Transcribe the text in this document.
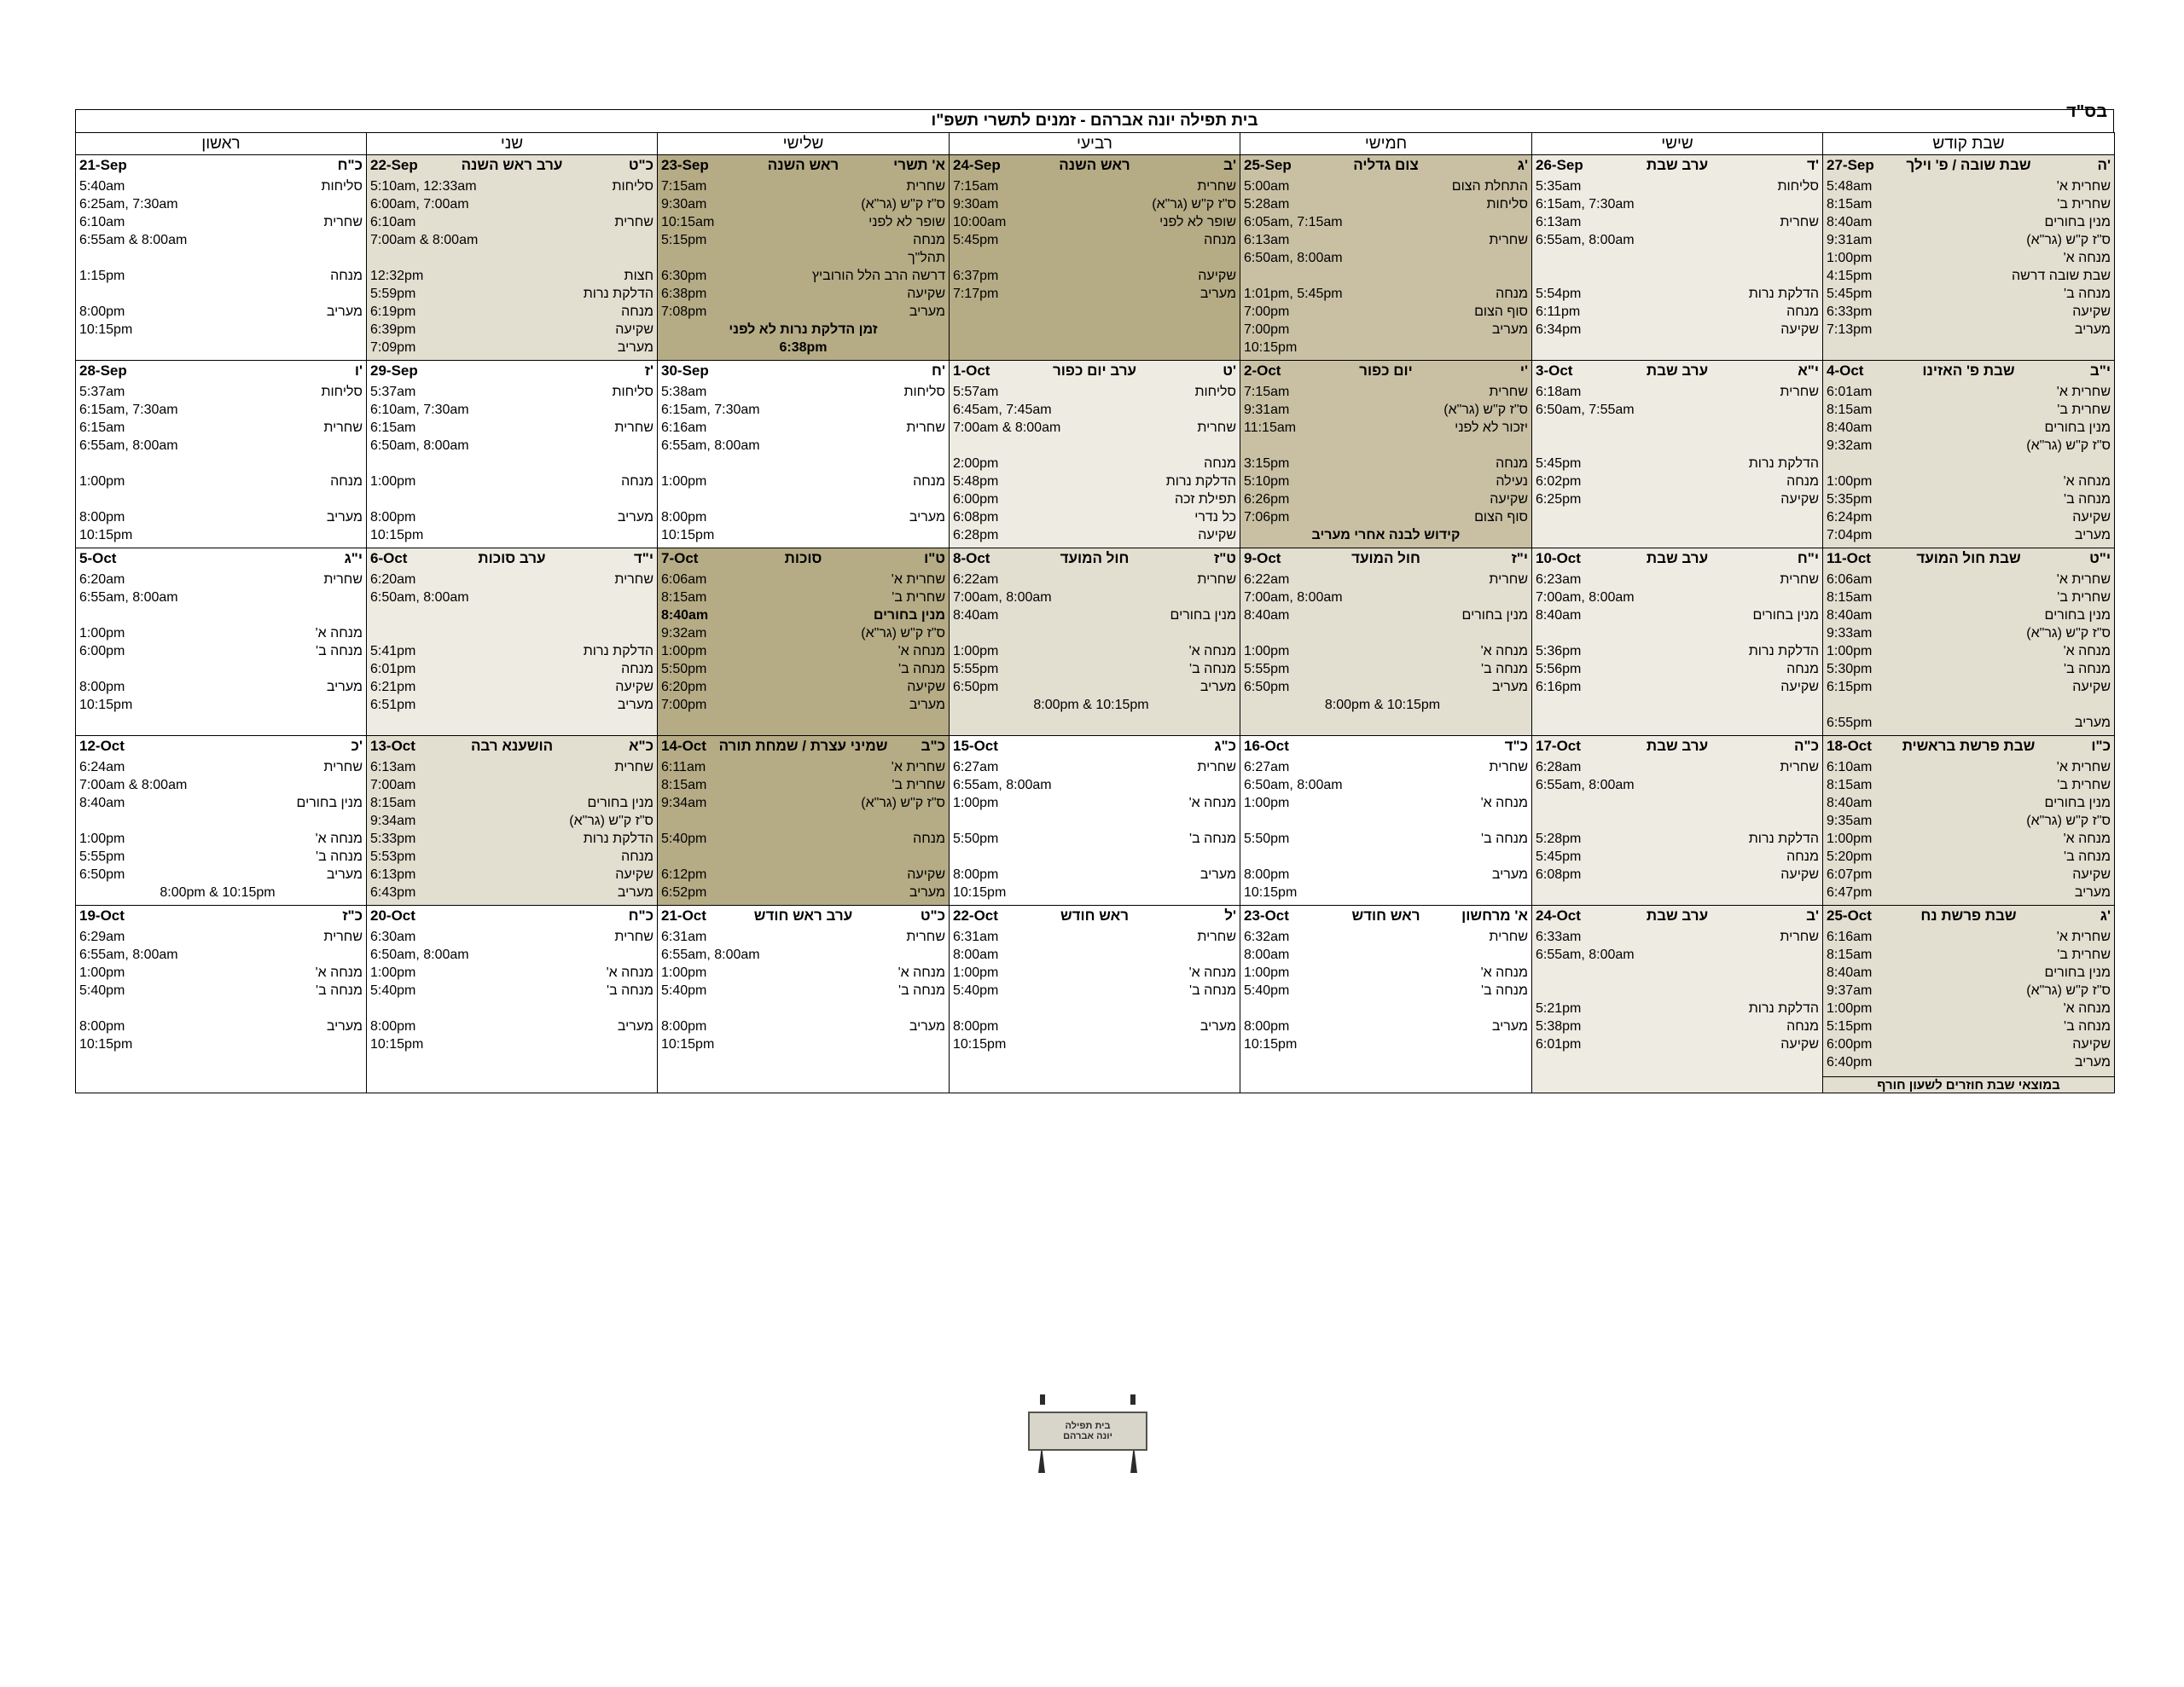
בס"ד
בית תפילה יונה אברהם - זמנים לתשרי תשפ"ו
ראשון	שני	שלישי	רביעי	חמישי	שישי	שבת קודש

21-Sep	כ"ח
5:40am	סליחות
6:25am, 7:30am
6:10am	שחרית
6:55am & 8:00am
1:15pm	מנחה
8:00pm	מעריב
10:15pm

22-Sep	ערב ראש השנה	כ"ט
5:10am, 12:33am	סליחות
6:00am, 7:00am
6:10am	שחרית
7:00am & 8:00am
12:32pm	חצות
5:59pm	הדלקת נרות
6:19pm	מנחה
6:39pm	שקיעה
7:09pm	מעריב

23-Sep	ראש השנה	א' תשרי
7:15am	שחרית
9:30am	ס"ז ק"ש (גר"א)
10:15am	שופר לא לפני
5:15pm	מנחה
תהל"ך
6:30pm	דרשה הרב הלל הורוביץ
6:38pm	שקיעה
7:08pm	מעריב
זמן הדלקת נרות לא לפני
6:38pm

24-Sep	ראש השנה	ב'
7:15am	שחרית
9:30am	ס"ז ק"ש (גר"א)
10:00am	שופר לא לפני
5:45pm	מנחה
6:37pm	שקיעה
7:17pm	מעריב

25-Sep	צום גדליה	ג'
5:00am	התחלת הצום
5:28am	סליחות
6:05am, 7:15am
6:13am	שחרית
6:50am, 8:00am
1:01pm, 5:45pm	מנחה
7:00pm	סוף הצום
7:00pm	מעריב
10:15pm

26-Sep	ערב שבת	ד'
5:35am	סליחות
6:15am, 7:30am
6:13am	שחרית
6:55am, 8:00am
5:54pm	הדלקת נרות
6:11pm	מנחה
6:34pm	שקיעה

27-Sep	שבת שובה / פ' וילך	ה'
5:48am	שחרית א'
8:15am	שחרית ב'
8:40am	מנין בחורים
9:31am	ס"ז ק"ש (גר"א)
1:00pm	מנחה א'
4:15pm	שבת שובה דרשה
5:45pm	מנחה ב'
6:33pm	שקיעה
7:13pm	מעריב

28-Sep	ו'
5:37am	סליחות
6:15am, 7:30am
6:15am	שחרית
6:55am, 8:00am
1:00pm	מנחה
8:00pm	מעריב
10:15pm

29-Sep	ז'
5:37am	סליחות
6:10am, 7:30am
6:15am	שחרית
6:50am, 8:00am
1:00pm	מנחה
8:00pm	מעריב
10:15pm

30-Sep	ח'
5:38am	סליחות
6:15am, 7:30am
6:16am	שחרית
6:55am, 8:00am
1:00pm	מנחה
8:00pm	מעריב
10:15pm

1-Oct	ערב יום כפור	ט'
5:57am	סליחות
6:45am, 7:45am
7:00am & 8:00am	שחרית
2:00pm	מנחה
5:48pm	הדלקת נרות
6:00pm	תפילת זכה
6:08pm	כל נדרי
6:28pm	שקיעה

2-Oct	יום כפור	י'
7:15am	שחרית
9:31am	ס"ז ק"ש (גר"א)
11:15am	יזכור לא לפני
3:15pm	מנחה
5:10pm	נעילה
6:26pm	שקיעה
7:06pm	סוף הצום
קידוש לבנה אחרי מעריב

3-Oct	ערב שבת	י"א
6:18am	שחרית
6:50am, 7:55am
5:45pm	הדלקת נרות
6:02pm	מנחה
6:25pm	שקיעה

4-Oct	שבת פ' האזינו	י"ב
6:01am	שחרית א'
8:15am	שחרית ב'
8:40am	מנין בחורים
9:32am	ס"ז ק"ש (גר"א)
1:00pm	מנחה א'
5:35pm	מנחה ב'
6:24pm	שקיעה
7:04pm	מעריב

5-Oct	י"ג
6:20am	שחרית
6:55am, 8:00am
1:00pm	מנחה א'
6:00pm	מנחה ב'
8:00pm	מעריב
10:15pm

6-Oct	ערב סוכות	י"ד
6:20am	שחרית
6:50am, 8:00am
5:41pm	הדלקת נרות
6:01pm	מנחה
6:21pm	שקיעה
6:51pm	מעריב

7-Oct	סוכות	ט"ו
6:06am	שחרית א'
8:15am	שחרית ב'
8:40am	מנין בחורים
9:32am	ס"ז ק"ש (גר"א)
1:00pm	מנחה א'
5:50pm	מנחה ב'
6:20pm	שקיעה
7:00pm	מעריב

8-Oct	חול המועד	ט"ז
6:22am	שחרית
7:00am, 8:00am
8:40am	מנין בחורים
1:00pm	מנחה א'
5:55pm	מנחה ב'
6:50pm	מעריב
8:00pm & 10:15pm

9-Oct	חול המועד	י"ז
6:22am	שחרית
7:00am, 8:00am
8:40am	מנין בחורים
1:00pm	מנחה א'
5:55pm	מנחה ב'
6:50pm	מעריב
8:00pm & 10:15pm

10-Oct	ערב שבת	י"ח
6:23am	שחרית
7:00am, 8:00am
8:40am	מנין בחורים
5:36pm	הדלקת נרות
5:56pm	מנחה
6:16pm	שקיעה

11-Oct	שבת חול המועד	י"ט
6:06am	שחרית א'
8:15am	שחרית ב'
8:40am	מנין בחורים
9:33am	ס"ז ק"ש (גר"א)
1:00pm	מנחה א'
5:30pm	מנחה ב'
6:15pm	שקיעה
6:55pm	מעריב

12-Oct	כ'
6:24am	שחרית
7:00am & 8:00am
8:40am	מנין בחורים
1:00pm	מנחה א'
5:55pm	מנחה ב'
6:50pm	מעריב
8:00pm & 10:15pm

13-Oct	הושענא רבה	כ"א
6:13am	שחרית
7:00am
8:15am	מנין בחורים
9:34am	ס"ז ק"ש (גר"א)
5:33pm	הדלקת נרות
5:53pm	מנחה
6:13pm	שקיעה
6:43pm	מעריב

14-Oct שמיני עצרת / שמחת תורה	כ"ב
6:11am	שחרית א'
8:15am	שחרית ב'
9:34am	ס"ז ק"ש (גר"א)
5:40pm	מנחה
6:12pm	שקיעה
6:52pm	מעריב

15-Oct	כ"ג
6:27am	שחרית
6:55am, 8:00am
1:00pm	מנחה א'
5:50pm	מנחה ב'
8:00pm	מעריב
10:15pm

16-Oct	כ"ד
6:27am	שחרית
6:50am, 8:00am
1:00pm	מנחה א'
5:50pm	מנחה ב'
8:00pm	מעריב
10:15pm

17-Oct	ערב שבת	כ"ה
6:28am	שחרית
6:55am, 8:00am
5:28pm	הדלקת נרות
5:45pm	מנחה
6:08pm	שקיעה

18-Oct	שבת פרשת בראשית	כ"ו
6:10am	שחרית א'
8:15am	שחרית ב'
8:40am	מנין בחורים
9:35am	ס"ז ק"ש (גר"א)
1:00pm	מנחה א'
5:20pm	מנחה ב'
6:07pm	שקיעה
6:47pm	מעריב

19-Oct	כ"ז
6:29am	שחרית
6:55am, 8:00am
1:00pm	מנחה א'
5:40pm	מנחה ב'
8:00pm	מעריב
10:15pm

20-Oct	כ"ח
6:30am	שחרית
6:50am, 8:00am
1:00pm	מנחה א'
5:40pm	מנחה ב'
8:00pm	מעריב
10:15pm

21-Oct	ערב ראש חודש	כ"ט
6:31am	שחרית
6:55am, 8:00am
1:00pm	מנחה א'
5:40pm	מנחה ב'
8:00pm	מעריב
10:15pm

22-Oct	ראש חודש	ל'
6:31am	שחרית
8:00am
1:00pm	מנחה א'
5:40pm	מנחה ב'
8:00pm	מעריב
10:15pm

23-Oct	ראש חודש	א' מרחשון
6:32am	שחרית
8:00am
1:00pm	מנחה א'
5:40pm	מנחה ב'
8:00pm	מעריב
10:15pm

24-Oct	ערב שבת	ב'
6:33am	שחרית
6:55am, 8:00am
5:21pm	הדלקת נרות
5:38pm	מנחה
6:01pm	שקיעה

25-Oct	שבת פרשת נח	ג'
6:16am	שחרית א'
8:15am	שחרית ב'
8:40am	מנין בחורים
9:37am	ס"ז ק"ש (גר"א)
1:00pm	מנחה א'
5:15pm	מנחה ב'
6:00pm	שקיעה
6:40pm	מעריב
במוצאי שבת חוזרים לשעון חורף
בית תפילה
יונה אברהם
